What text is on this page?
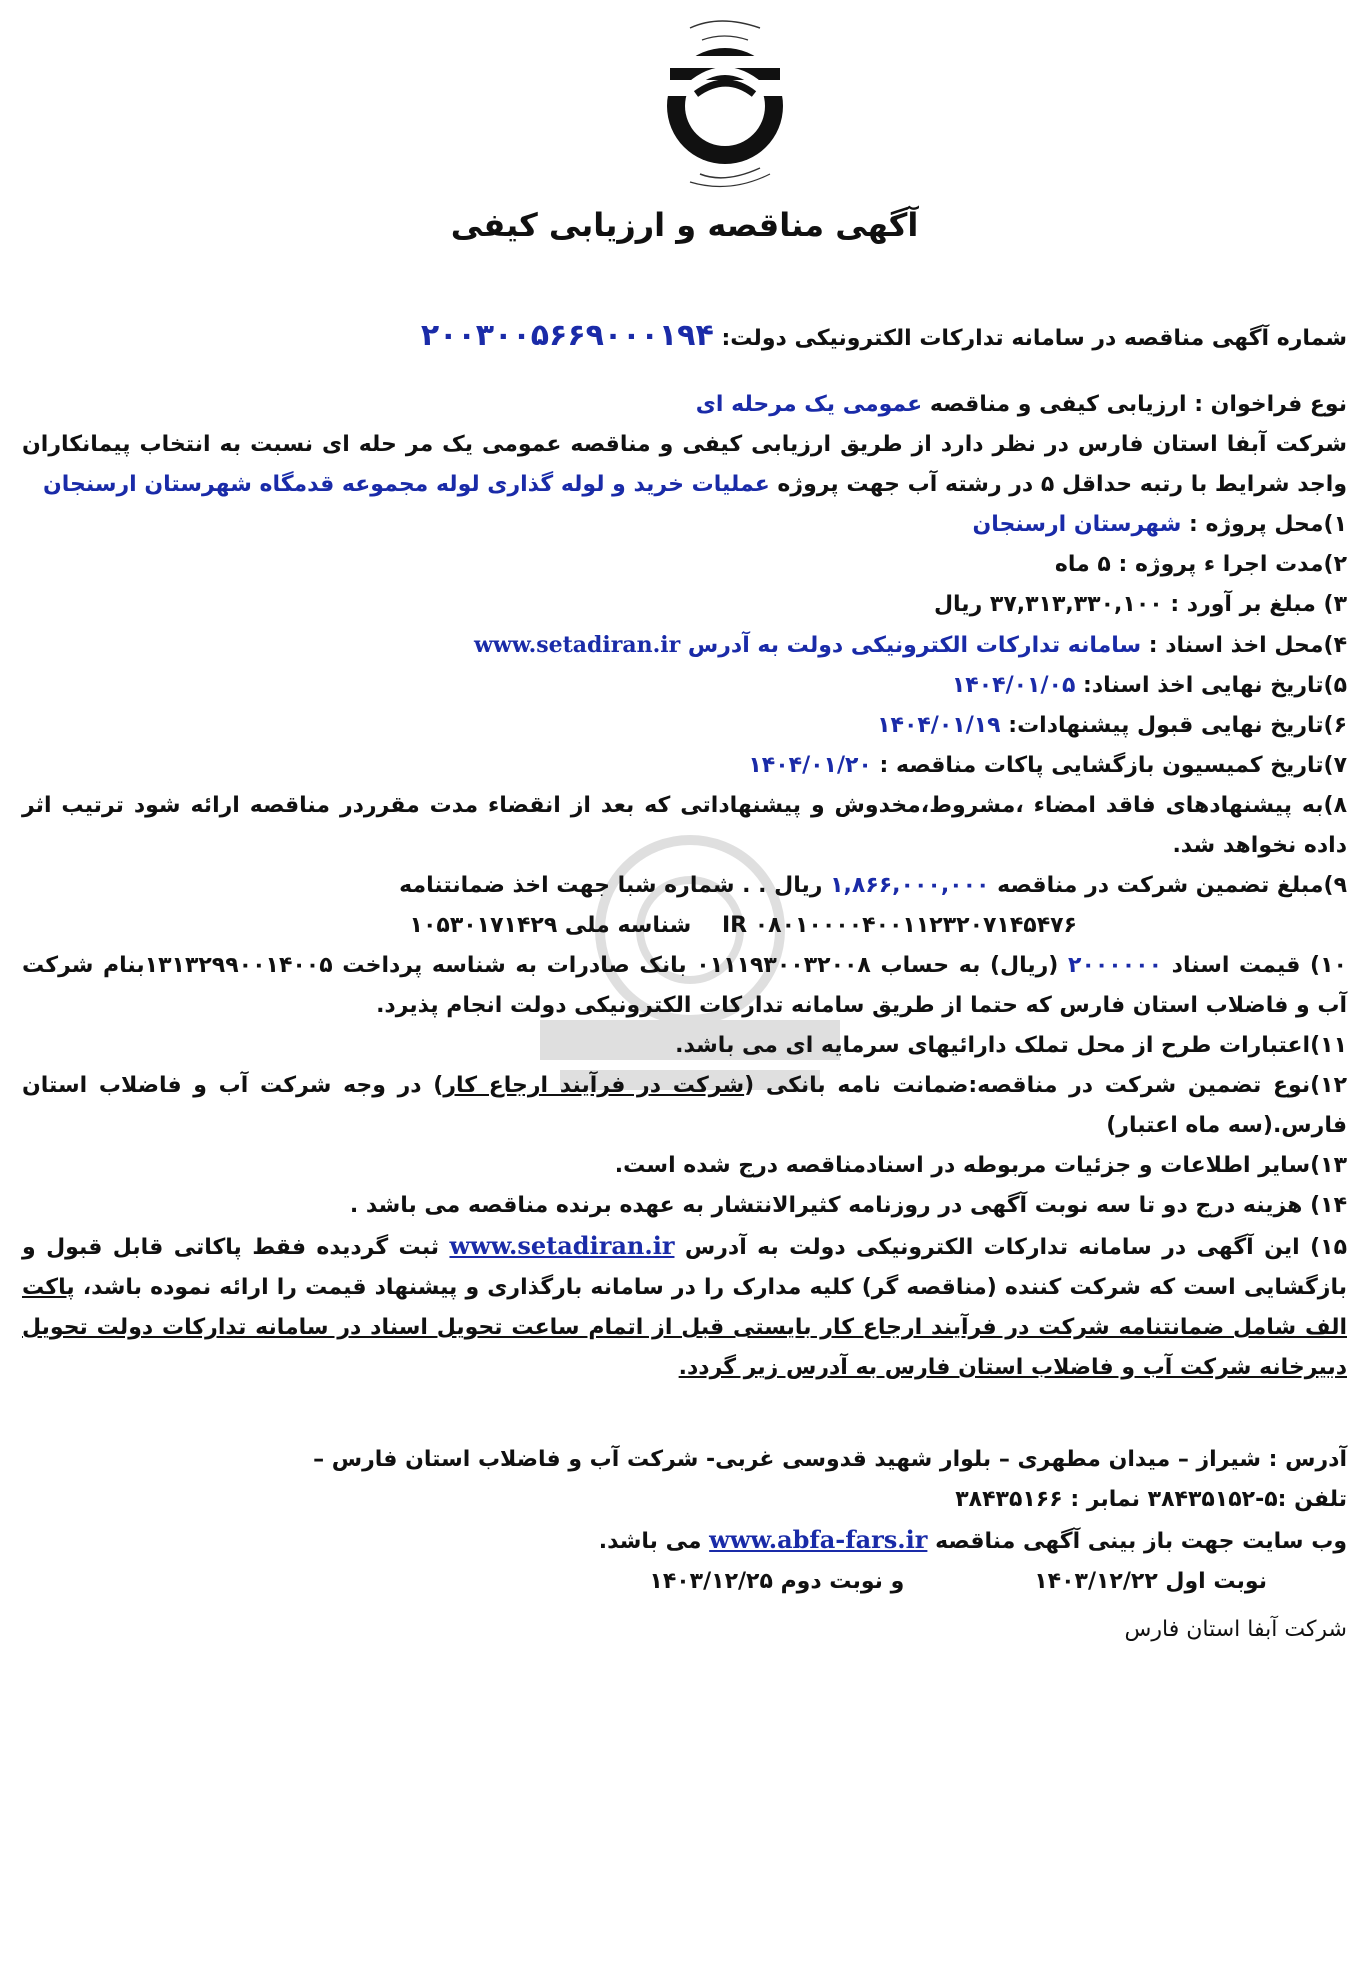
آگهی مناقصه و ارزیابی کیفی

شماره آگهی مناقصه در سامانه تدارکات الکترونیکی دولت: ۲۰۰۳۰۰۵۶۶۹۰۰۰۱۹۴

نوع فراخوان : ارزیابی کیفی و مناقصه عمومی یک مرحله ای

شرکت آبفا استان فارس در نظر دارد از طریق ارزیابی کیفی و مناقصه عمومی یک مر حله ای نسبت به انتخاب پیمانکاران واجد شرایط با رتبه حداقل ۵ در رشته آب جهت پروژه عملیات خرید و لوله گذاری لوله مجموعه قدمگاه شهرستان ارسنجان

۱)محل پروژه : شهرستان ارسنجان

۲)مدت اجرا ء پروژه : ۵ ماه

۳) مبلغ بر آورد : ۳۷,۳۱۳,۳۳۰,۱۰۰ ریال

۴)محل اخذ اسناد : سامانه تدارکات الکترونیکی دولت به آدرس www.setadiran.ir

۵)تاریخ نهایی اخذ اسناد: ۱۴۰۴/۰۱/۰۵

۶)تاریخ نهایی قبول پیشنهادات: ۱۴۰۴/۰۱/۱۹

۷)تاریخ کمیسیون بازگشایی پاکات مناقصه : ۱۴۰۴/۰۱/۲۰

۸)به پیشنهادهای فاقد امضاء ،مشروط،مخدوش و پیشنهاداتی که بعد از انقضاء مدت مقرردر مناقصه ارائه شود ترتیب اثر داده نخواهد شد.

۹)مبلغ تضمین شرکت در مناقصه ۱,۸۶۶,۰۰۰,۰۰۰ ریال . . شماره شبا جهت اخذ ضمانتنامه

IR ۰۸۰۱۰۰۰۰۴۰۰۱۱۲۳۲۰۷۱۴۵۴۷۶    شناسه ملی ۱۰۵۳۰۱۷۱۴۲۹

۱۰) قیمت اسناد ۲۰۰۰۰۰۰ (ریال) به حساب ۰۱۱۱۹۳۰۰۳۲۰۰۸ بانک صادرات به شناسه پرداخت ۱۳۱۳۲۹۹۰۰۱۴۰۰۵بنام شرکت آب و فاضلاب استان فارس که حتما از طریق سامانه تدارکات الکترونیکی دولت انجام پذیرد.

۱۱)اعتبارات طرح از محل تملک دارائیهای سرمایه ای می باشد.

۱۲)نوع تضمین شرکت در مناقصه:ضمانت نامه بانکی (شرکت در فرآیند ارجاع کار) در وجه شرکت آب و فاضلاب استان فارس.(سه ماه اعتبار)

۱۳)سایر اطلاعات و جزئیات مربوطه در اسنادمناقصه درج شده است.

۱۴) هزینه درج دو تا سه نوبت آگهی در روزنامه کثیرالانتشار به عهده برنده مناقصه می باشد .

۱۵) این آگهی در سامانه تدارکات الکترونیکی دولت به آدرس www.setadiran.ir ثبت گردیده فقط پاکاتی قابل قبول و بازگشایی است که شرکت کننده (مناقصه گر) کلیه مدارک را در سامانه بارگذاری و پیشنهاد قیمت را ارائه نموده باشد، پاکت الف شامل ضمانتنامه شرکت در فرآیند ارجاع کار بایستی قبل از اتمام ساعت تحویل اسناد در سامانه تدارکات دولت تحویل دبیرخانه شرکت آب و فاضلاب استان فارس به آدرس زیر گردد.

آدرس : شیراز – میدان مطهری – بلوار شهید قدوسی غربی- شرکت آب و فاضلاب استان فارس –

تلفن :۵-۳۸۴۳۵۱۵۲ نمابر : ۳۸۴۳۵۱۶۶

وب سایت جهت باز بینی آگهی مناقصه www.abfa-fars.ir می باشد.

نوبت اول ۱۴۰۳/۱۲/۲۲
و نوبت دوم ۱۴۰۳/۱۲/۲۵

شرکت آبفا استان فارس
